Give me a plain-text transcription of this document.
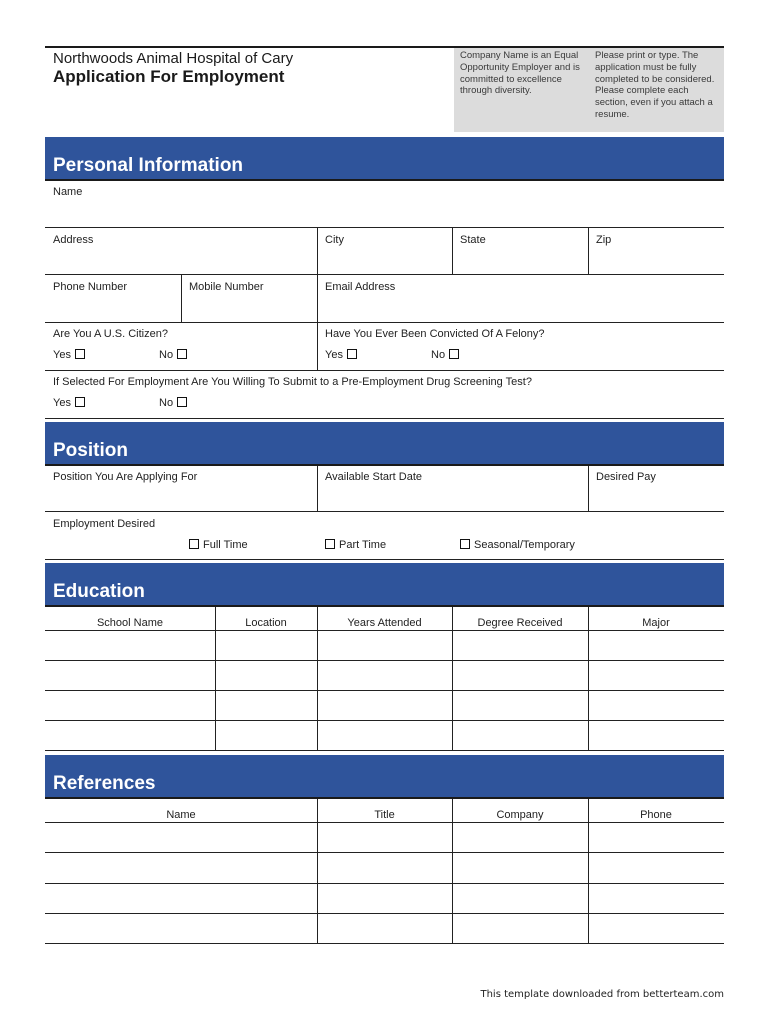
Northwoods Animal Hospital of Cary
Application For Employment
Company Name is an Equal Opportunity Employer and is committed to excellence through diversity.
Please print or type. The application must be fully completed to be considered. Please complete each section, even if you attach a resume.
Personal Information
Name
Address	City	State	Zip
Phone Number	Mobile Number	Email Address
Are You A U.S. Citizen?	Have You Ever Been Convicted Of A Felony?
Yes	No	Yes	No
If Selected For Employment Are You Willing To Submit to a Pre-Employment Drug Screening Test?
Yes	No
Position
Position You Are Applying For	Available Start Date	Desired Pay
Employment Desired
Full Time	Part Time	Seasonal/Temporary
Education
School Name	Location	Years Attended	Degree Received	Major
References
Name	Title	Company	Phone
This template downloaded from betterteam.com
